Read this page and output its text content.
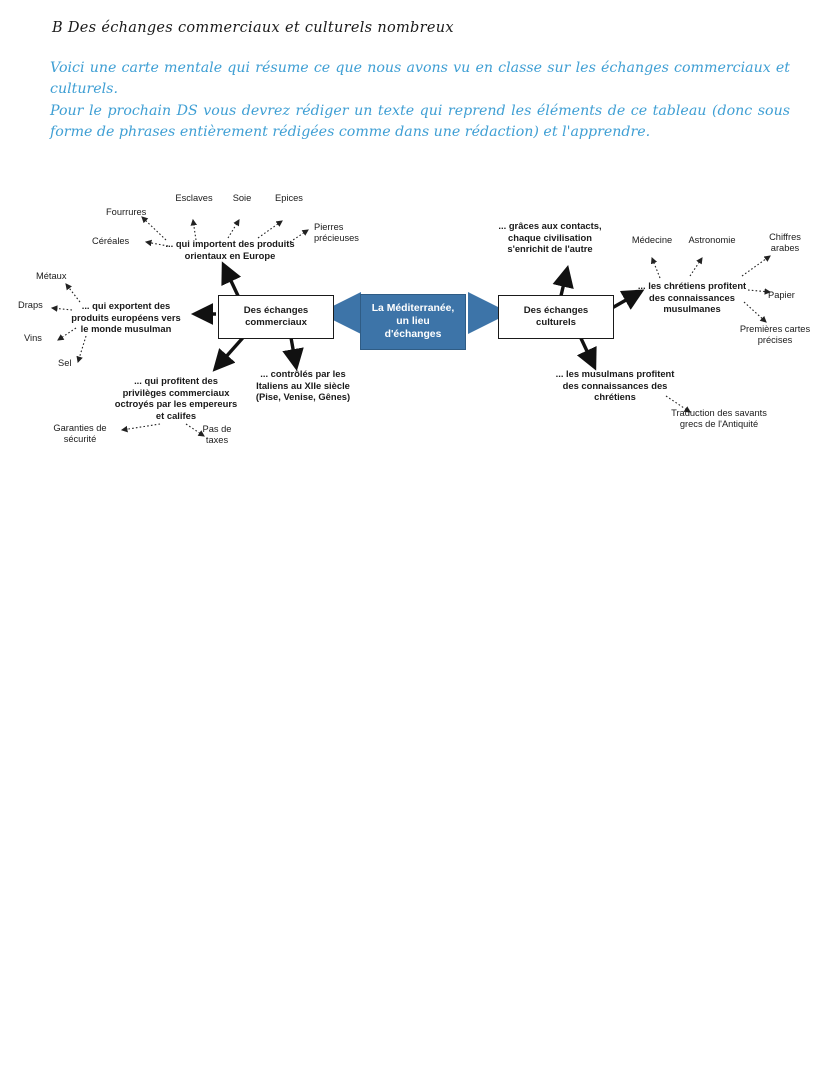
B Des échanges commerciaux et culturels nombreux

Voici une carte mentale qui résume ce que nous avons vu en classe sur les échanges commerciaux et culturels.

Pour le prochain DS vous devrez rédiger un texte qui reprend les éléments de ce tableau (donc sous forme de phrases entièrement rédigées comme dans une rédaction) et l'apprendre.

La Méditerranée,
un lieu
d'échanges
Des échanges
commerciaux
Des échanges
culturels
... qui importent des produits
orientaux en Europe
Esclaves	Soie	Epices
Pierres précieuses
Céréales
Fourrures
... qui exportent des
produits européens vers
le monde musulman
Métaux
Draps
Vins
Sel
... qui profitent des
privilèges commerciaux
octroyés par les empereurs
et califes
Garanties de sécurité
Pas de taxes
... contrôlés par les
Italiens au XIIe siècle
(Pise, Venise, Gênes)
... grâces aux contacts,
chaque civilisation
s'enrichit de l'autre
... les chrétiens profitent
des connaissances
musulmanes
Médecine	Astronomie	Chiffres arabes
Papier
Premières cartes précises
... les musulmans profitent
des connaissances des
chrétiens
Traduction des savants grecs de l'Antiquité
